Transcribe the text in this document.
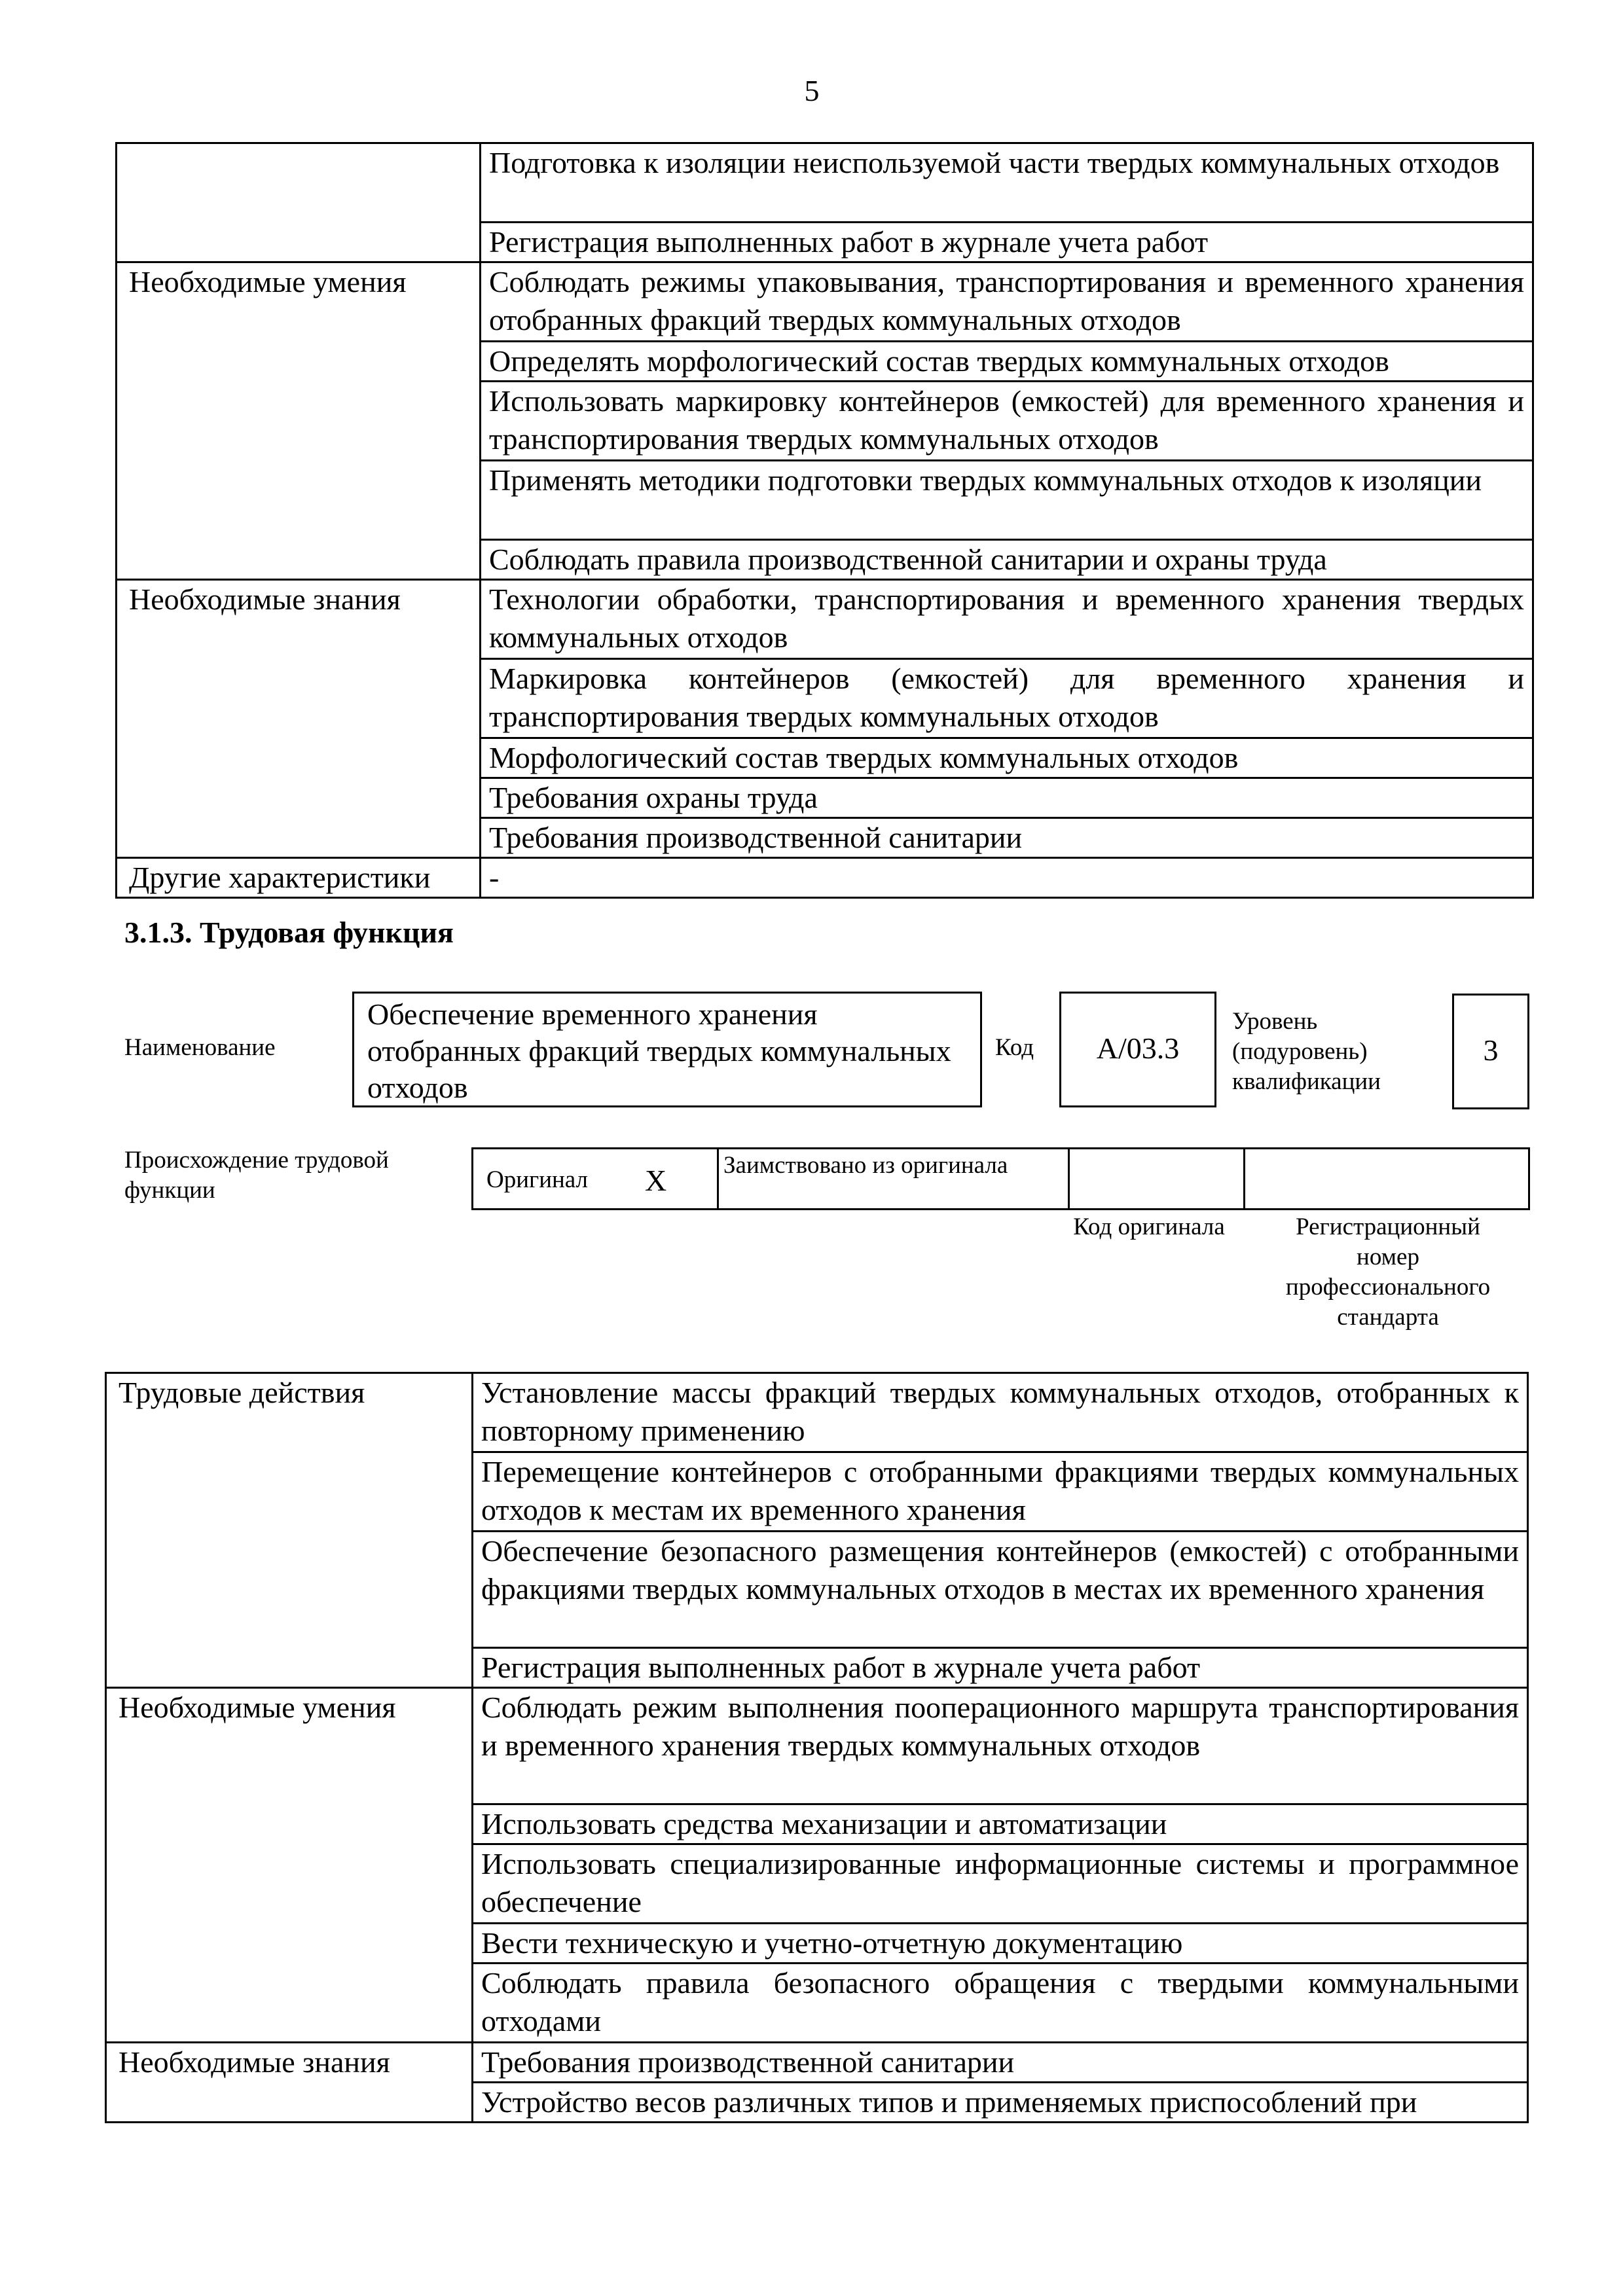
5
	Подготовка к изоляции неиспользуемой части твердых коммунальных отходов
	Регистрация выполненных работ в журнале учета работ
Необходимые умения	Соблюдать режимы упаковывания, транспортирования и временного хранения отобранных фракций твердых коммунальных отходов
	Определять морфологический состав твердых коммунальных отходов
	Использовать маркировку контейнеров (емкостей) для временного хранения и транспортирования твердых коммунальных отходов
	Применять методики подготовки твердых коммунальных отходов к изоляции
	Соблюдать правила производственной санитарии и охраны труда
Необходимые знания	Технологии обработки, транспортирования и временного хранения твердых коммунальных отходов
	Маркировка контейнеров (емкостей) для временного хранения и транспортирования твердых коммунальных отходов
	Морфологический состав твердых коммунальных отходов
	Требования охраны труда
	Требования производственной санитарии
Другие характеристики	-
3.1.3. Трудовая функция
Наименование
Обеспечение временного хранения отобранных фракций твердых коммунальных отходов
Код	А/03.3
Уровень (подуровень) квалификации
3
Происхождение трудовой функции	Оригинал X Заимствовано из оригинала
Код оригинала	Регистрационный номер профессионального стандарта
Трудовые действия	Установление массы фракций твердых коммунальных отходов, отобранных к повторному применению
	Перемещение контейнеров с отобранными фракциями твердых коммунальных отходов к местам их временного хранения
	Обеспечение безопасного размещения контейнеров (емкостей) с отобранными фракциями твердых коммунальных отходов в местах их временного хранения
	Регистрация выполненных работ в журнале учета работ
Необходимые умения	Соблюдать режим выполнения пооперационного маршрута транспортирования и временного хранения твердых коммунальных отходов
	Использовать средства механизации и автоматизации
	Использовать специализированные информационные системы и программное обеспечение
	Вести техническую и учетно-отчетную документацию
	Соблюдать правила безопасного обращения с твердыми коммунальными отходами
Необходимые знания	Требования производственной санитарии
	Устройство весов различных типов и применяемых приспособлений при
